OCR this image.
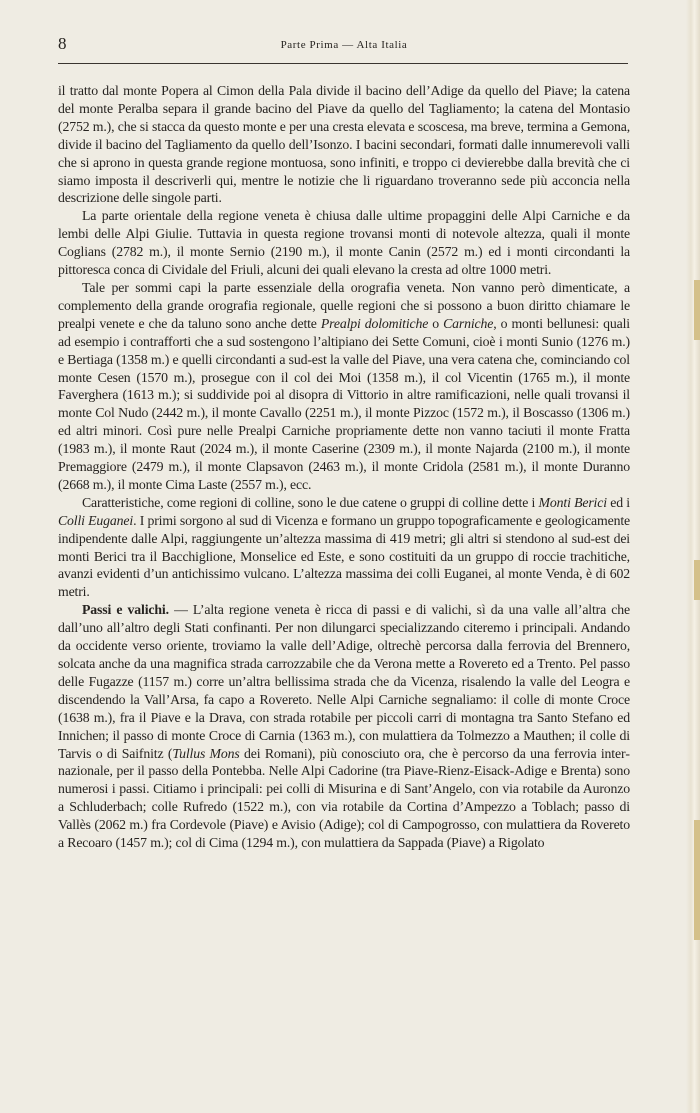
8	Parte Prima — Alta Italia

il tratto dal monte Popera al Cimon della Pala divide il bacino dell’Adige da quello del Piave; la catena del monte Peralba separa il grande bacino del Piave da quello del Tagliamento; la catena del Montasio (2752 m.), che si stacca da questo monte e per una cresta elevata e scoscesa, ma breve, termina a Gemona, divide il bacino del Tagliamento da quello dell’Isonzo. I bacini secondari, formati dalle innumerevoli valli che si aprono in questa grande regione montuosa, sono infiniti, e troppo ci devierebbe dalla brevità che ci siamo imposta il descriverli qui, mentre le notizie che li riguardano troveranno sede più acconcia nella descrizione delle singole parti.

La parte orientale della regione veneta è chiusa dalle ultime propaggini delle Alpi Carniche e da lembi delle Alpi Giulie. Tuttavia in questa regione trovansi monti di notevole altezza, quali il monte Coglians (2782 m.), il monte Sernio (2190 m.), il monte Canin (2572 m.) ed i monti circondanti la pittoresca conca di Cividale del Friuli, alcuni dei quali elevano la cresta ad oltre 1000 metri.

Tale per sommi capi la parte essenziale della orografia veneta. Non vanno però dimenticate, a complemento della grande orografia regionale, quelle regioni che si possono a buon diritto chiamare le prealpi venete e che da taluno sono anche dette Prealpi dolomitiche o Carniche, o monti bellunesi: quali ad esempio i contrafforti che a sud sostengono l’altipiano dei Sette Comuni, cioè i monti Sunio (1276 m.) e Bertiaga (1358 m.) e quelli circondanti a sud-est la valle del Piave, una vera catena che, cominciando col monte Cesen (1570 m.), prosegue con il col dei Moi (1358 m.), il col Vicentin (1765 m.), il monte Faverghera (1613 m.); si suddivide poi al disopra di Vittorio in altre ramificazioni, nelle quali trovansi il monte Col Nudo (2442 m.), il monte Cavallo (2251 m.), il monte Pizzoc (1572 m.), il Boscasso (1306 m.) ed altri minori. Così pure nelle Prealpi Carniche propriamente dette non vanno taciuti il monte Fratta (1983 m.), il monte Raut (2024 m.), il monte Caserine (2309 m.), il monte Najarda (2100 m.), il monte Premaggiore (2479 m.), il monte Clapsavon (2463 m.), il monte Cridola (2581 m.), il monte Duranno (2668 m.), il monte Cima Laste (2557 m.), ecc.

Caratteristiche, come regioni di colline, sono le due catene o gruppi di colline dette i Monti Berici ed i Colli Euganei. I primi sorgono al sud di Vicenza e formano un gruppo topograficamente e geologicamente indipendente dalle Alpi, raggiungente un’altezza massima di 419 metri; gli altri si stendono al sud-est dei monti Berici tra il Bacchiglione, Monselice ed Este, e sono costituiti da un gruppo di roccie trachitiche, avanzi evidenti d’un antichissimo vulcano. L’altezza massima dei colli Euganei, al monte Venda, è di 602 metri.

Passi e valichi. — L’alta regione veneta è ricca di passi e di valichi, sì da una valle all’altra che dall’uno all’altro degli Stati confinanti. Per non dilungarci specializzando citeremo i principali. Andando da occidente verso oriente, troviamo la valle dell’Adige, oltrechè percorsa dalla ferrovia del Brennero, solcata anche da una magnifica strada carrozzabile che da Verona mette a Rovereto ed a Trento. Pel passo delle Fugazze (1157 m.) corre un’altra bellissima strada che da Vicenza, risalendo la valle del Leogra e discendendo la Vall’Arsa, fa capo a Rovereto. Nelle Alpi Carniche segnaliamo: il colle di monte Croce (1638 m.), fra il Piave e la Drava, con strada rotabile per piccoli carri di montagna tra Santo Stefano ed Innichen; il passo di monte Croce di Carnia (1363 m.), con mulattiera da Tolmezzo a Mauthen; il colle di Tarvis o di Saifnitz (Tullus Mons dei Romani), più conosciuto ora, che è percorso da una ferrovia internazionale, per il passo della Pontebba. Nelle Alpi Cadorine (tra Piave-Rienz-Eisack-Adige e Brenta) sono numerosi i passi. Citiamo i principali: pei colli di Misurina e di Sant’Angelo, con via rotabile da Auronzo a Schluderbach; colle Rufredo (1522 m.), con via rotabile da Cortina d’Ampezzo a Toblach; passo di Vallès (2062 m.) fra Cordevole (Piave) e Avisio (Adige); col di Campogrosso, con mulattiera da Rovereto a Recoaro (1457 m.); col di Cima (1294 m.), con mulattiera da Sappada (Piave) a Rigolato
